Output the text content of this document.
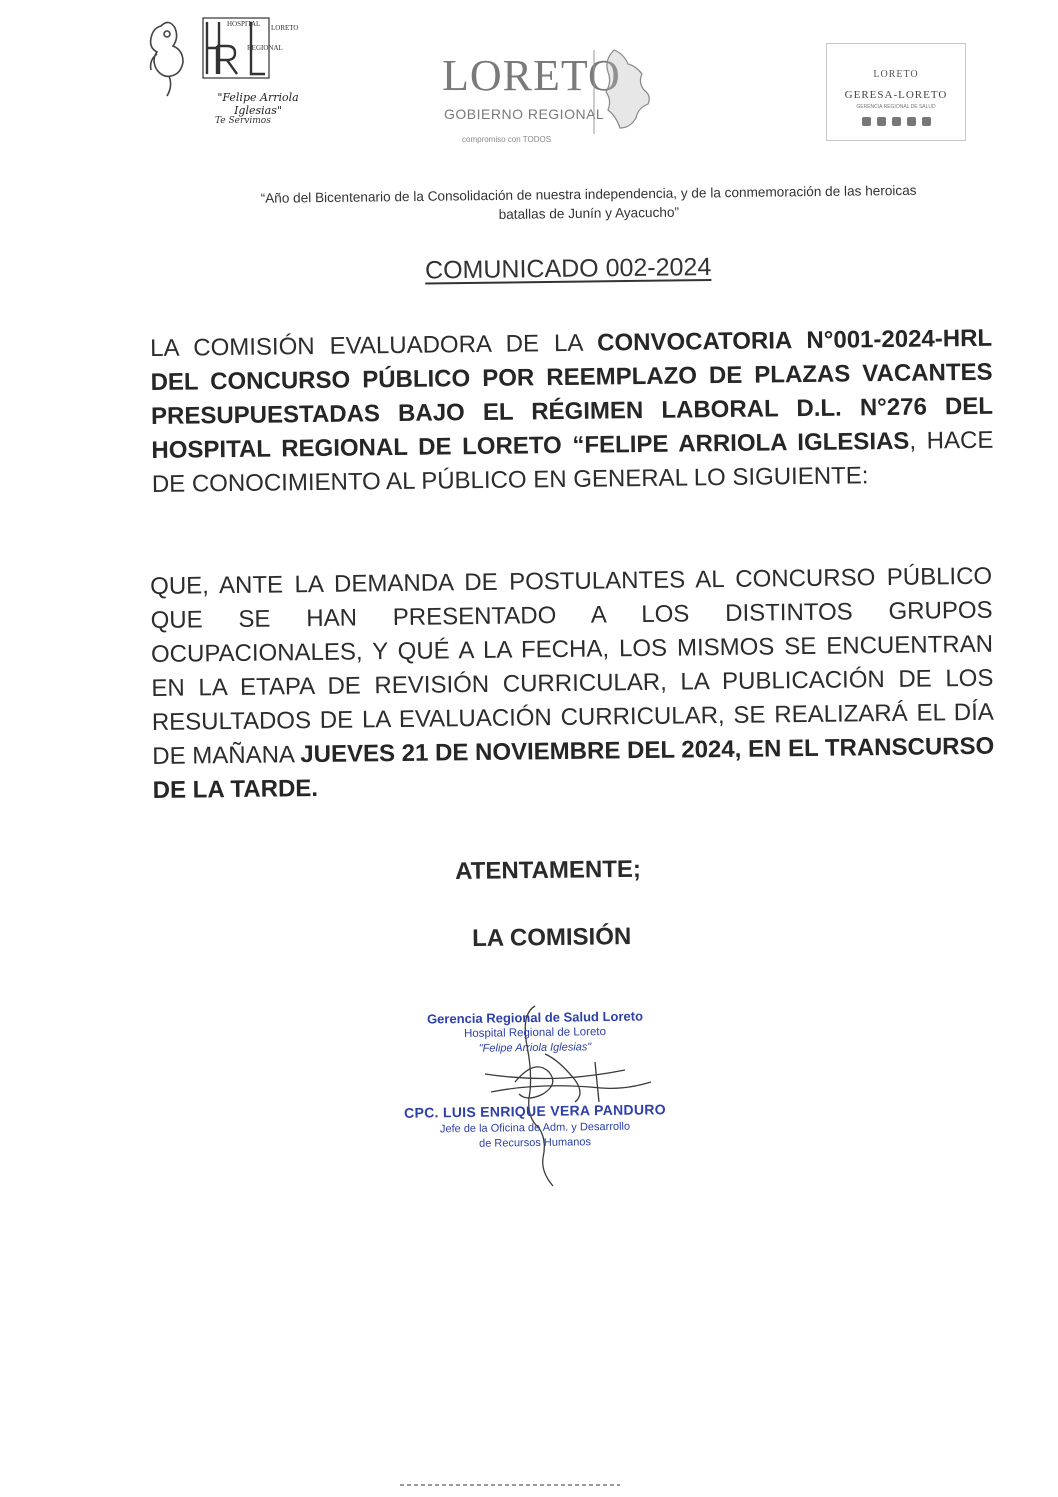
HOSPITAL
REGIONAL
LORETO
"Felipe Arriola Iglesias"
Te Servimos
LORETO
GOBIERNO REGIONAL
compromiso con TODOS
LORETO
GERESA-LORETO
GERENCIA REGIONAL DE SALUD
“Año del Bicentenario de la Consolidación de nuestra independencia, y de la conmemoración de las heroicas
batallas de Junín y Ayacucho”
COMUNICADO 002-2024
LA COMISIÓN EVALUADORA DE LA CONVOCATORIA N°001-2024-HRL DEL CONCURSO PÚBLICO POR REEMPLAZO DE PLAZAS VACANTES PRESUPUESTADAS BAJO EL RÉGIMEN LABORAL D.L. N°276 DEL HOSPITAL REGIONAL DE LORETO “FELIPE ARRIOLA IGLESIAS, HACE DE CONOCIMIENTO AL PÚBLICO EN GENERAL LO SIGUIENTE:
QUE, ANTE LA DEMANDA DE POSTULANTES AL CONCURSO PÚBLICO QUE SE HAN PRESENTADO A LOS DISTINTOS GRUPOS OCUPACIONALES, Y QUÉ A LA FECHA, LOS MISMOS SE ENCUENTRAN EN LA ETAPA DE REVISIÓN CURRICULAR, LA PUBLICACIÓN DE LOS RESULTADOS DE LA EVALUACIÓN CURRICULAR, SE REALIZARÁ EL DÍA DE MAÑANA JUEVES 21 DE NOVIEMBRE DEL 2024, EN EL TRANSCURSO DE LA TARDE.
ATENTAMENTE;
LA COMISIÓN
Gerencia Regional de Salud Loreto
Hospital Regional de Loreto
"Felipe Arriola Iglesias"
CPC. LUIS ENRIQUE VERA PANDURO
Jefe de la Oficina de Adm. y Desarrollo
de Recursos Humanos
